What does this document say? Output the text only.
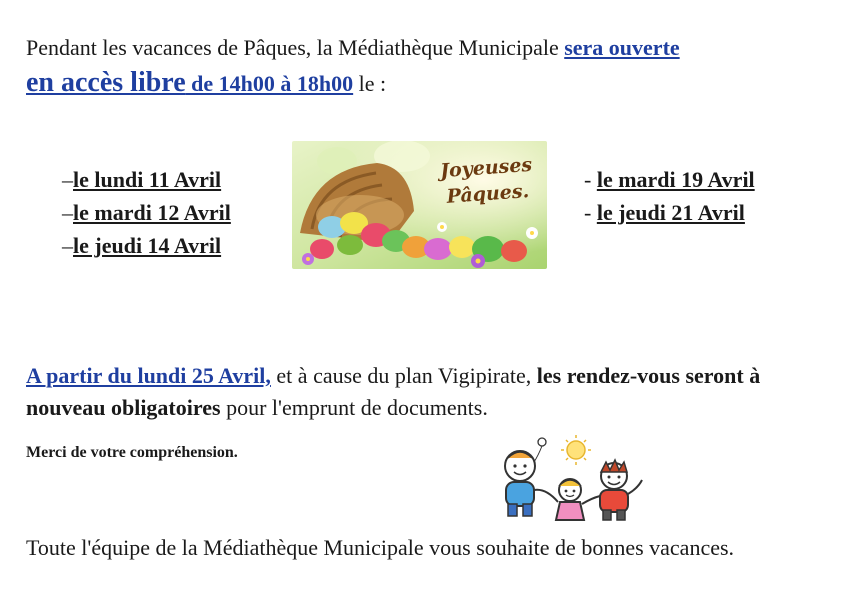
Pendant les vacances de Pâques, la Médiathèque Municipale sera ouverte
en accès libre de 14h00 à 18h00 le :
–le lundi 11 Avril
–le mardi 12 Avril
–le jeudi 14 Avril
Joyeuses
Pâques.
- le mardi 19 Avril
- le jeudi 21 Avril
A partir du lundi 25 Avril, et à cause du plan Vigipirate, les rendez-vous seront à nouveau obligatoires pour l'emprunt de documents.
Merci de votre compréhension.
Toute l'équipe de la Médiathèque Municipale vous souhaite de bonnes vacances.
